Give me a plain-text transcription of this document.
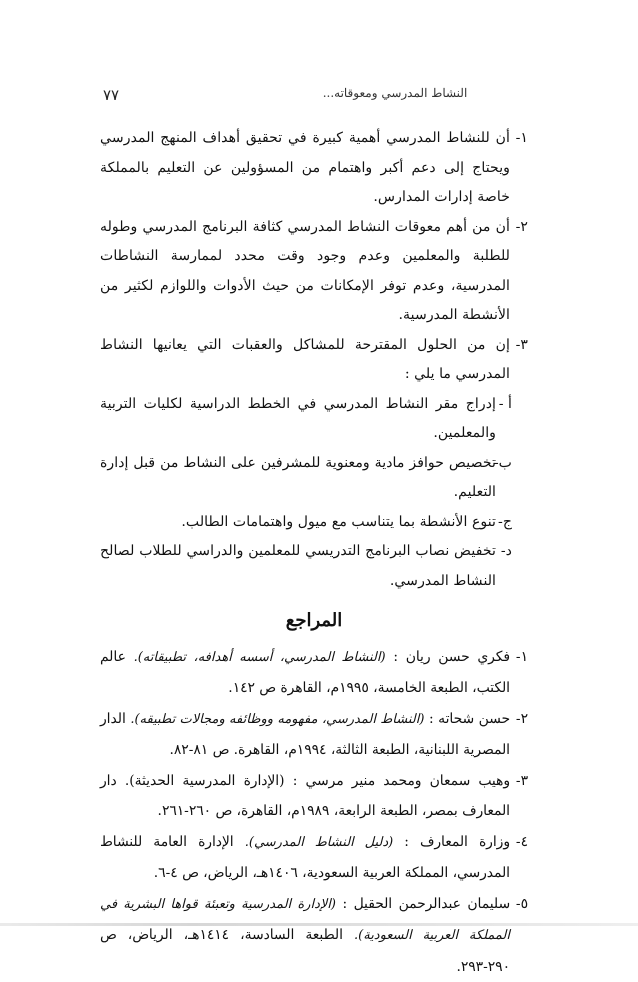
٧٧	النشاط المدرسي ومعوقاته...

١-
أن للنشاط المدرسي أهمية كبيرة في تحقيق أهداف المنهج المدرسي ويحتاج إلى دعم أكبر واهتمام من المسؤولين عن التعليم بالمملكة خاصة إدارات المدارس.

٢-
أن من أهم معوقات النشاط المدرسي كثافة البرنامج المدرسي وطوله للطلبة والمعلمين وعدم وجود وقت محدد لممارسة النشاطات المدرسية، وعدم توفر الإمكانات من حيث الأدوات واللوازم لكثير من الأنشطة المدرسية.

٣-
إن من الحلول المقترحة للمشاكل والعقبات التي يعانيها النشاط المدرسي ما يلي :

أ -
إدراج مقر النشاط المدرسي في الخطط الدراسية لكليات التربية والمعلمين.

ب-
تخصيص حوافز مادية ومعنوية للمشرفين على النشاط من قبل إدارة التعليم.

ج-
تنوع الأنشطة بما يتناسب مع ميول واهتمامات الطالب.

د-
تخفيض نصاب البرنامج التدريسي للمعلمين والدراسي للطلاب لصالح النشاط المدرسي.

المراجع

١-
فكري حسن ريان : (النشاط المدرسي، أسسه أهدافه، تطبيقاته). عالم الكتب، الطبعة الخامسة، ١٩٩٥م، القاهرة ص ١٤٢.

٢-
حسن شحاته : (النشاط المدرسي، مفهومه ووظائفه ومجالات تطبيقه). الدار المصرية اللبنانية، الطبعة الثالثة، ١٩٩٤م، القاهرة. ص ٨١-٨٢.

٣-
وهيب سمعان ومحمد منير مرسي : (الإدارة المدرسية الحديثة). دار المعارف بمصر، الطبعة الرابعة، ١٩٨٩م، القاهرة، ص ٢٦٠-٢٦١.

٤-
وزارة المعارف : (دليل النشاط المدرسي). الإدارة العامة للنشاط المدرسي، المملكة العربية السعودية، ١٤٠٦هـ، الرياض، ص ٤-٦.

٥-
سليمان عبدالرحمن الحقيل : (الإدارة المدرسية وتعبئة قواها البشرية في المملكة العربية السعودية). الطبعة السادسة، ١٤١٤هـ، الرياض، ص ٢٩٠-٢٩٣.
